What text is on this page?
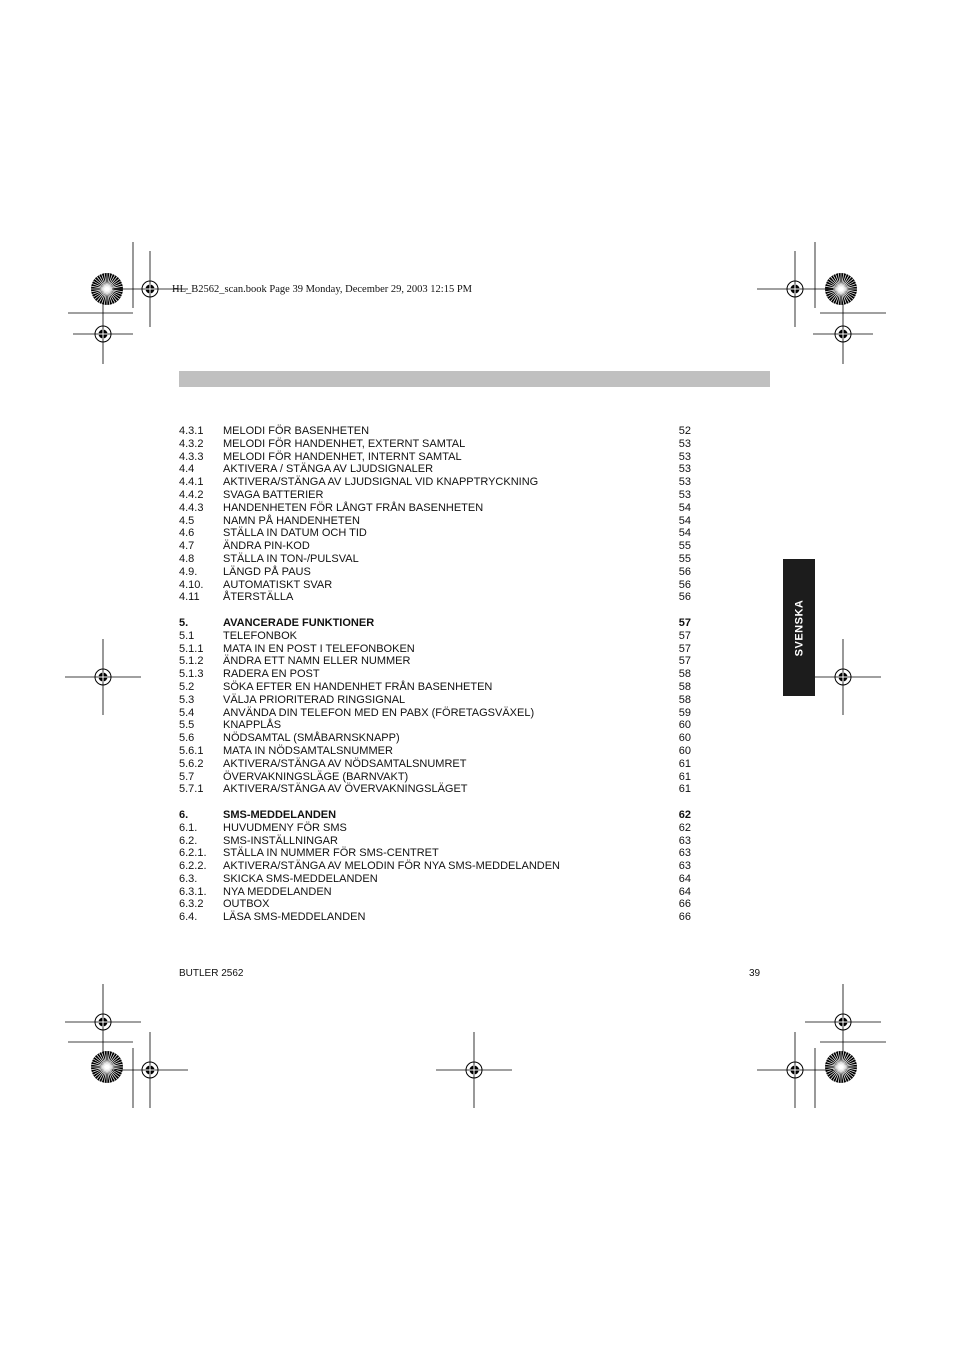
HL_B2562_scan.book Page 39 Monday, December 29, 2003 12:15 PM
4.3.1 MELODI FÖR BASENHETEN	52
4.3.2 MELODI FÖR HANDENHET, EXTERNT SAMTAL	53
4.3.3 MELODI FÖR HANDENHET, INTERNT SAMTAL	53
4.4	AKTIVERA / STÄNGA AV LJUDSIGNALER	53
4.4.1 AKTIVERA/STÄNGA AV LJUDSIGNAL VID KNAPPTRYCKNING	53
4.4.2 SVAGA BATTERIER	53
4.4.3 HANDENHETEN FÖR LÅNGT FRÅN BASENHETEN	54
4.5	NAMN PÅ HANDENHETEN	54
4.6	STÄLLA IN DATUM OCH TID	54
4.7	ÄNDRA PIN-KOD	55
4.8	STÄLLA IN TON-/PULSVAL	55
4.9. LÄNGD PÅ PAUS	56
4.10. AUTOMATISKT SVAR	56
4.11 ÅTERSTÄLLA	56
5.	AVANCERADE FUNKTIONER	57
5.1	TELEFONBOK	57
5.1.1 MATA IN EN POST I TELEFONBOKEN	57
5.1.2 ÄNDRA ETT NAMN ELLER NUMMER	57
5.1.3 RADERA EN POST	58
5.2	SÖKA EFTER EN HANDENHET FRÅN BASENHETEN	58
5.3	VÄLJA PRIORITERAD RINGSIGNAL	58
5.4	ANVÄNDA DIN TELEFON MED EN PABX (FÖRETAGSVÄXEL)	59
5.5	KNAPPLÅS	60
5.6	NÖDSAMTAL (SMÅBARNSKNAPP)	60
5.6.1 MATA IN NÖDSAMTALSNUMMER	60
5.6.2 AKTIVERA/STÄNGA AV NÖDSAMTALSNUMRET	61
5.7	ÖVERVAKNINGSLÄGE (BARNVAKT)	61
5.7.1 AKTIVERA/STÄNGA AV ÖVERVAKNINGSLÄGET	61
6.	SMS-MEDDELANDEN	62
6.1. HUVUDMENY FÖR SMS	62
6.2. SMS-INSTÄLLNINGAR	63
6.2.1. STÄLLA IN NUMMER FÖR SMS-CENTRET	63
6.2.2. AKTIVERA/STÄNGA AV MELODIN FÖR NYA SMS-MEDDELANDEN	63
6.3. SKICKA SMS-MEDDELANDEN	64
6.3.1. NYA MEDDELANDEN	64
6.3.2 OUTBOX	66
6.4. LÄSA SMS-MEDDELANDEN	66
SVENSKA
BUTLER 2562	39
